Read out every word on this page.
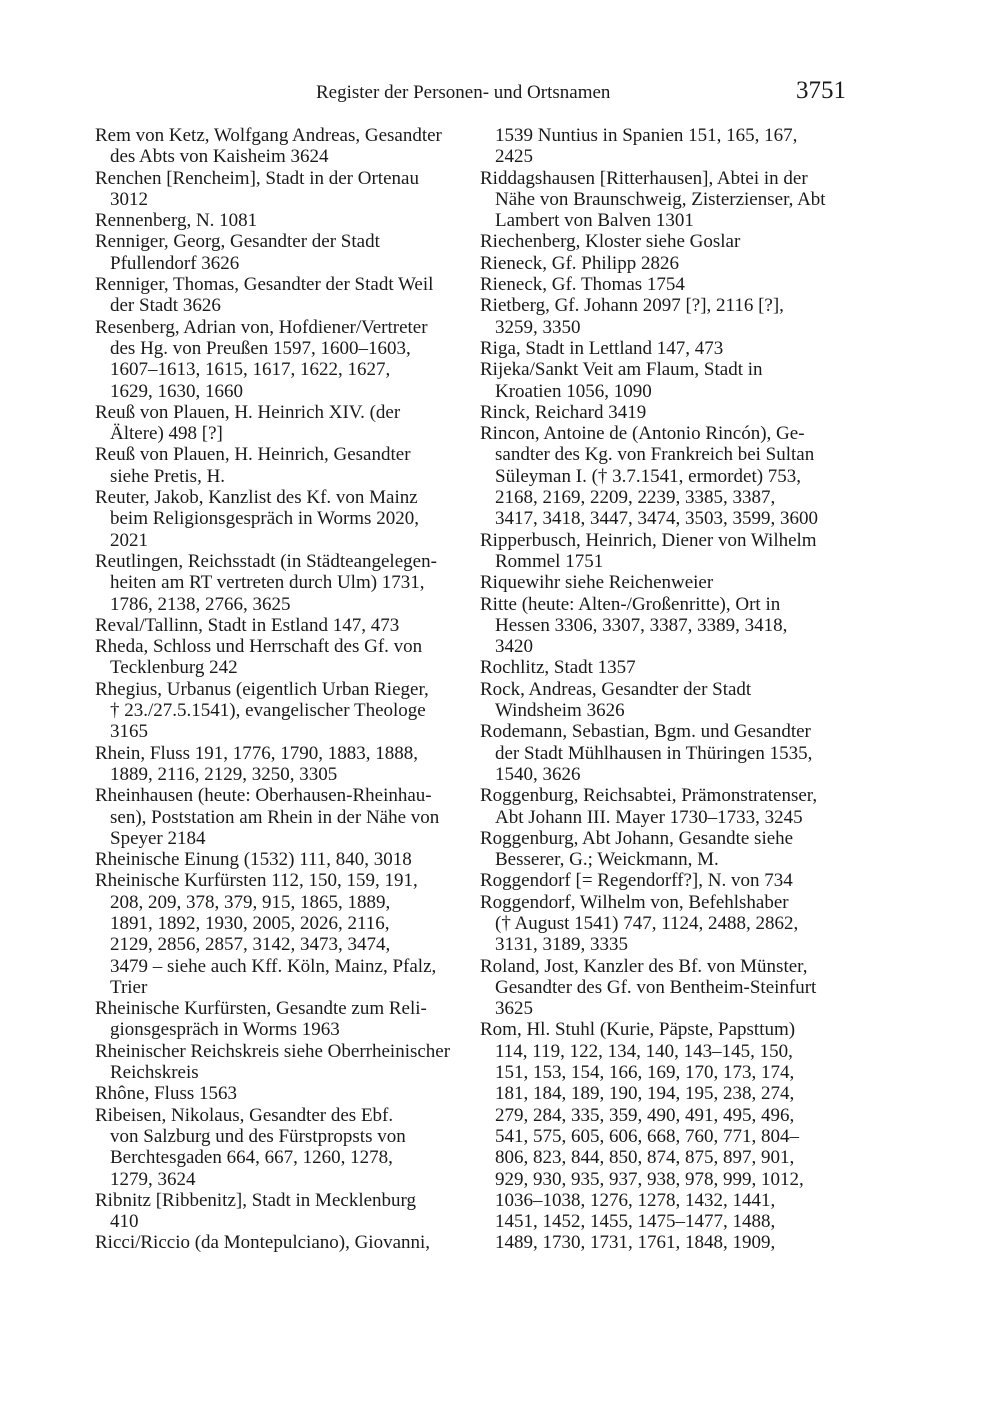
Register der Personen- und Ortsnamen	3751
Rem von Ketz, Wolfgang Andreas, Gesandter
des Abts von Kaisheim 3624
Renchen [Rencheim], Stadt in der Ortenau
3012
Rennenberg, N. 1081
Renniger, Georg, Gesandter der Stadt
Pfullendorf 3626
Renniger, Thomas, Gesandter der Stadt Weil
der Stadt 3626
Resenberg, Adrian von, Hofdiener/Vertreter
des Hg. von Preußen 1597, 1600–1603,
1607–1613, 1615, 1617, 1622, 1627,
1629, 1630, 1660
Reuß von Plauen, H. Heinrich XIV. (der
Ältere) 498 [?]
Reuß von Plauen, H. Heinrich, Gesandter
siehe Pretis, H.
Reuter, Jakob, Kanzlist des Kf. von Mainz
beim Religionsgespräch in Worms 2020,
2021
Reutlingen, Reichsstadt (in Städteangelegen-
heiten am RT vertreten durch Ulm) 1731,
1786, 2138, 2766, 3625
Reval/Tallinn, Stadt in Estland 147, 473
Rheda, Schloss und Herrschaft des Gf. von
Tecklenburg 242
Rhegius, Urbanus (eigentlich Urban Rieger,
† 23./27.5.1541), evangelischer Theologe
3165
Rhein, Fluss 191, 1776, 1790, 1883, 1888,
1889, 2116, 2129, 3250, 3305
Rheinhausen (heute: Oberhausen-Rheinhau-
sen), Poststation am Rhein in der Nähe von
Speyer 2184
Rheinische Einung (1532) 111, 840, 3018
Rheinische Kurfürsten 112, 150, 159, 191,
208, 209, 378, 379, 915, 1865, 1889,
1891, 1892, 1930, 2005, 2026, 2116,
2129, 2856, 2857, 3142, 3473, 3474,
3479 – siehe auch Kff. Köln, Mainz, Pfalz,
Trier
Rheinische Kurfürsten, Gesandte zum Reli-
gionsgespräch in Worms 1963
Rheinischer Reichskreis siehe Oberrheinischer
Reichskreis
Rhône, Fluss 1563
Ribeisen, Nikolaus, Gesandter des Ebf.
von Salzburg und des Fürstpropsts von
Berchtesgaden 664, 667, 1260, 1278,
1279, 3624
Ribnitz [Ribbenitz], Stadt in Mecklenburg
410
Ricci/Riccio (da Montepulciano), Giovanni,
1539 Nuntius in Spanien 151, 165, 167,
2425
Riddagshausen [Ritterhausen], Abtei in der
Nähe von Braunschweig, Zisterzienser, Abt
Lambert von Balven 1301
Riechenberg, Kloster siehe Goslar
Rieneck, Gf. Philipp 2826
Rieneck, Gf. Thomas 1754
Rietberg, Gf. Johann 2097 [?], 2116 [?],
3259, 3350
Riga, Stadt in Lettland 147, 473
Rijeka/Sankt Veit am Flaum, Stadt in
Kroatien 1056, 1090
Rinck, Reichard 3419
Rincon, Antoine de (Antonio Rincón), Ge-
sandter des Kg. von Frankreich bei Sultan
Süleyman I. († 3.7.1541, ermordet) 753,
2168, 2169, 2209, 2239, 3385, 3387,
3417, 3418, 3447, 3474, 3503, 3599, 3600
Ripperbusch, Heinrich, Diener von Wilhelm
Rommel 1751
Riquewihr siehe Reichenweier
Ritte (heute: Alten-/Großenritte), Ort in
Hessen 3306, 3307, 3387, 3389, 3418,
3420
Rochlitz, Stadt 1357
Rock, Andreas, Gesandter der Stadt
Windsheim 3626
Rodemann, Sebastian, Bgm. und Gesandter
der Stadt Mühlhausen in Thüringen 1535,
1540, 3626
Roggenburg, Reichsabtei, Prämonstratenser,
Abt Johann III. Mayer 1730–1733, 3245
Roggenburg, Abt Johann, Gesandte siehe
Besserer, G.; Weickmann, M.
Roggendorf [= Regendorff?], N. von 734
Roggendorf, Wilhelm von, Befehlshaber
(† August 1541) 747, 1124, 2488, 2862,
3131, 3189, 3335
Roland, Jost, Kanzler des Bf. von Münster,
Gesandter des Gf. von Bentheim-Steinfurt
3625
Rom, Hl. Stuhl (Kurie, Päpste, Papsttum)
114, 119, 122, 134, 140, 143–145, 150,
151, 153, 154, 166, 169, 170, 173, 174,
181, 184, 189, 190, 194, 195, 238, 274,
279, 284, 335, 359, 490, 491, 495, 496,
541, 575, 605, 606, 668, 760, 771, 804–
806, 823, 844, 850, 874, 875, 897, 901,
929, 930, 935, 937, 938, 978, 999, 1012,
1036–1038, 1276, 1278, 1432, 1441,
1451, 1452, 1455, 1475–1477, 1488,
1489, 1730, 1731, 1761, 1848, 1909,
